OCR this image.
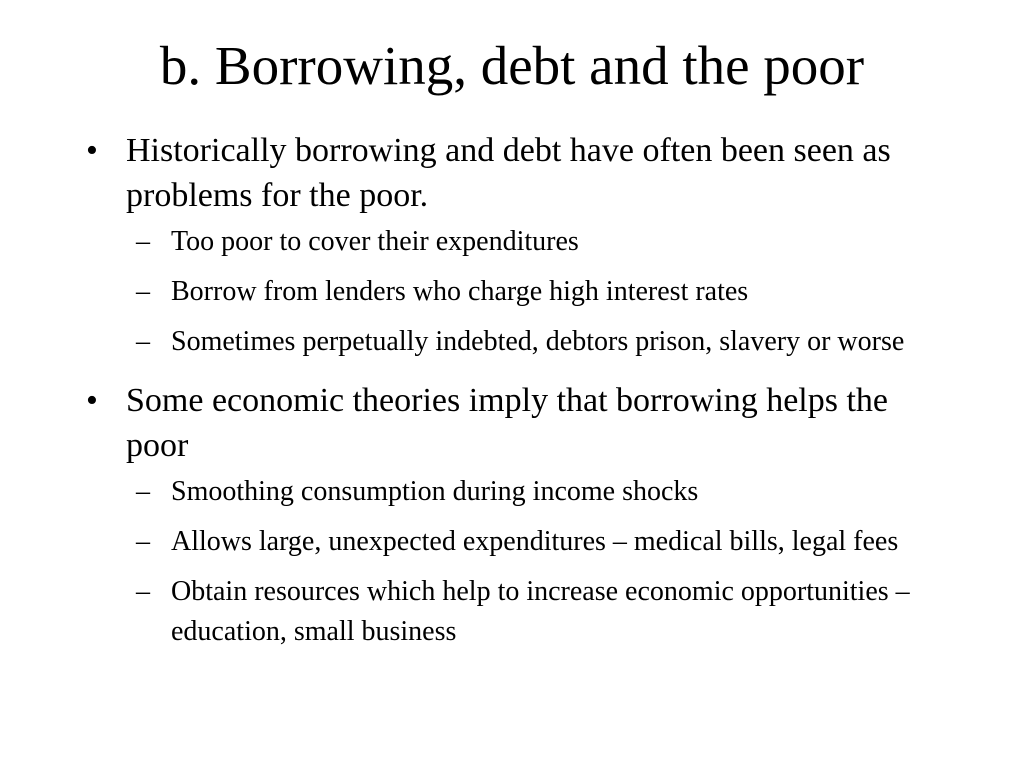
b. Borrowing, debt and the poor
• Historically borrowing and debt have often been seen as problems for the poor.
– Too poor to cover their expenditures
– Borrow from lenders who charge high interest rates
– Sometimes perpetually indebted, debtors prison, slavery or worse
• Some economic theories imply that borrowing helps the poor
– Smoothing consumption during income shocks
– Allows large, unexpected expenditures – medical bills, legal fees
– Obtain resources which help to increase economic opportunities – education, small business
